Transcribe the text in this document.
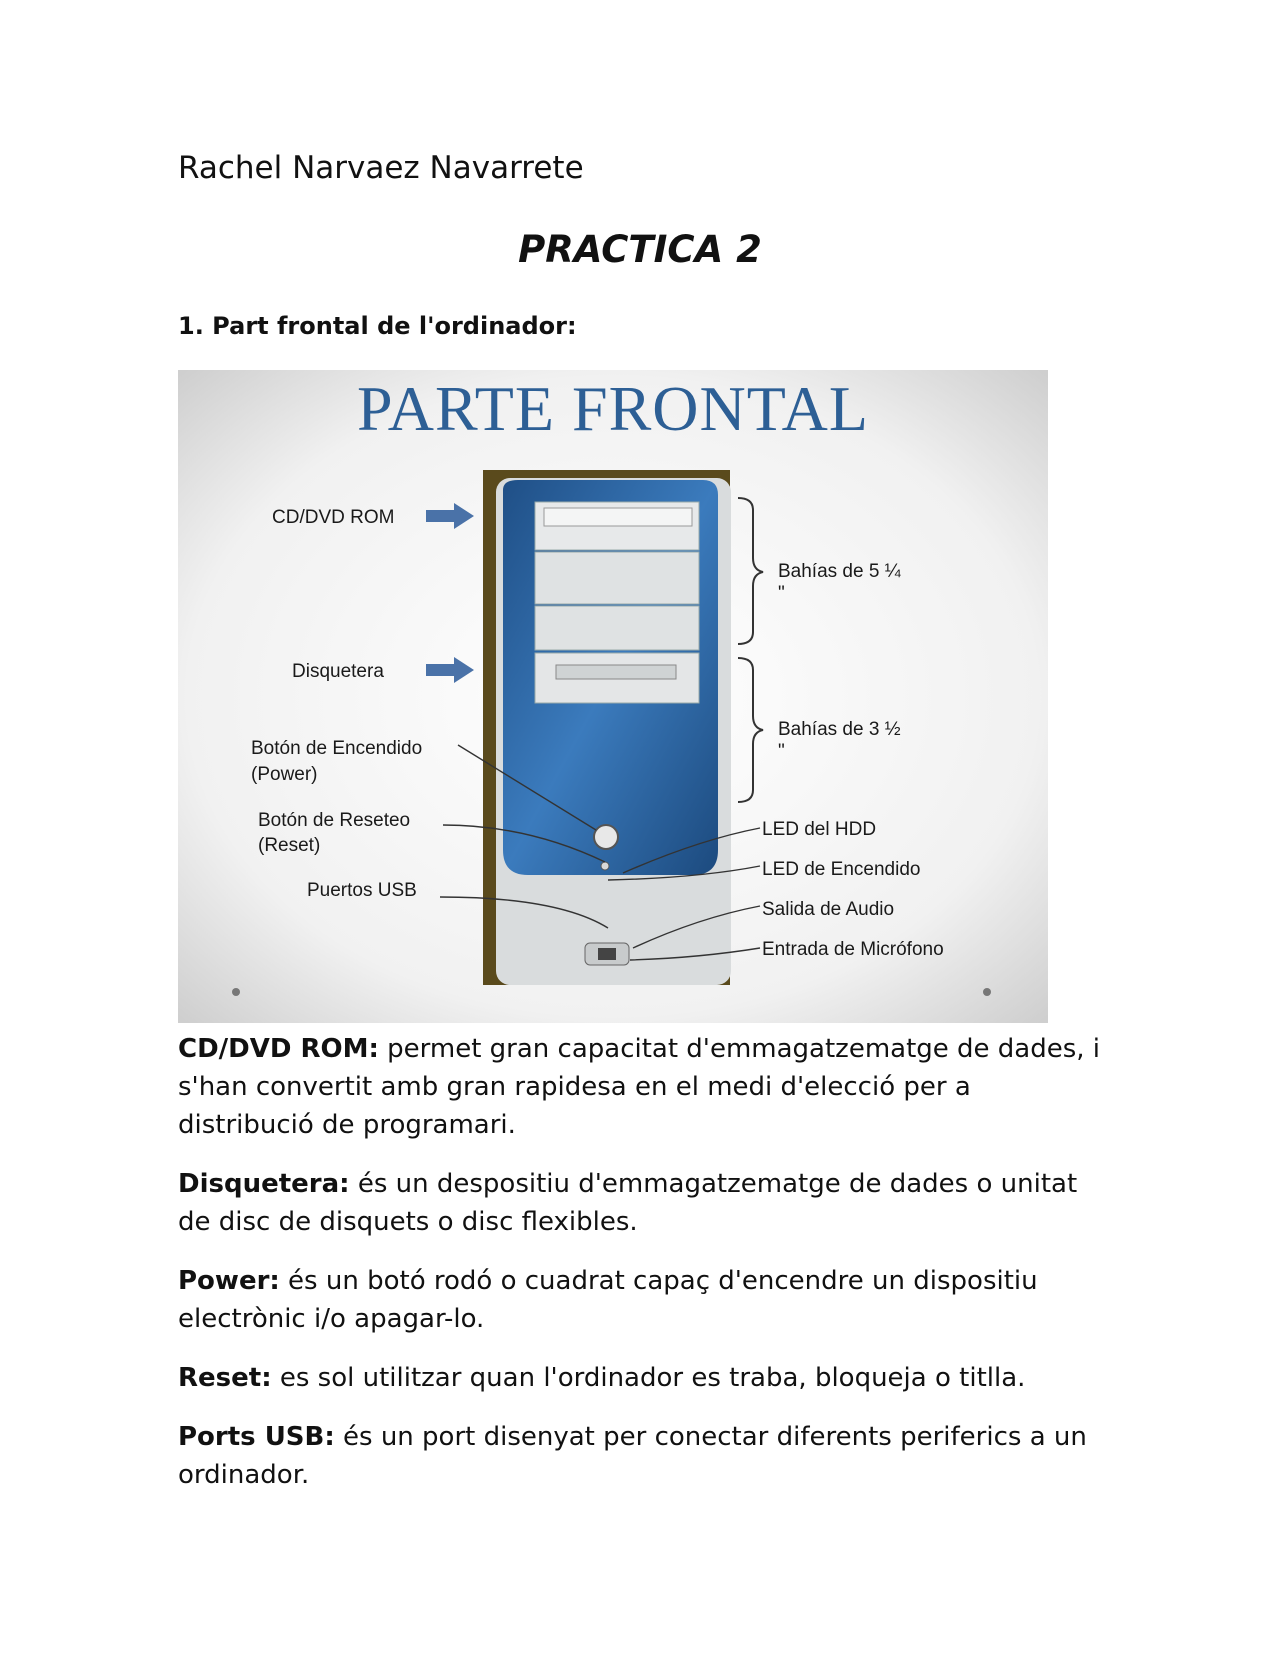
Rachel Narvaez Navarrete
PRACTICA 2
1. Part frontal de l'ordinador:
PARTE FRONTAL
CD/DVD ROM
Disquetera
Botón de Encendido
(Power)
Botón de Reseteo
(Reset)
Puertos USB
Bahías de 5 ¼
"
Bahías de 3 ½
"
LED del HDD
LED de Encendido
Salida de Audio
Entrada de Micrófono

CD/DVD ROM: permet gran capacitat d'emmagatzematge de dades, i s'han convertit amb gran rapidesa en el medi d'elecció per a distribució de programari.

Disquetera: és un despositiu d'emmagatzematge de dades o unitat de disc de disquets o disc flexibles.

Power: és un botó rodó o cuadrat capaç d'encendre un dispositiu electrònic i/o apagar-lo.

Reset: es sol utilitzar quan l'ordinador es traba, bloqueja o titlla.

Ports USB: és un port disenyat per conectar diferents periferics a un ordinador.
